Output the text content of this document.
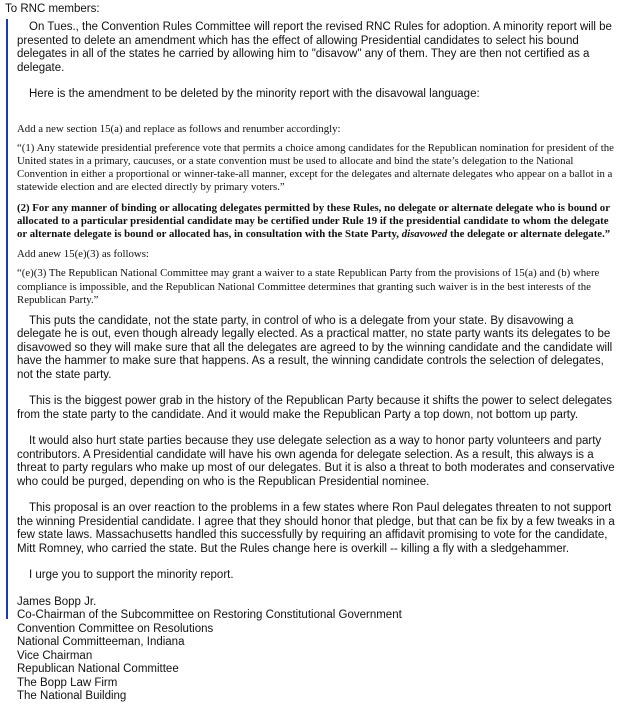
To RNC members:

On Tues., the Convention Rules Committee will report the revised RNC Rules for adoption. A minority report will be presented to delete an amendment which has the effect of allowing Presidential candidates to select his bound delegates in all of the states he carried by allowing him to "disavow" any of them. They are then not certified as a delegate.

Here is the amendment to be deleted by the minority report with the disavowal language:

Add a new section 15(a) and replace as follows and renumber accordingly:

“(1) Any statewide presidential preference vote that permits a choice among candidates for the Republican nomination for president of the United states in a primary, caucuses, or a state convention must be used to allocate and bind the state’s delegation to the National Convention in either a proportional or winner-take-all manner, except for the delegates and alternate delegates who appear on a ballot in a statewide election and are elected directly by primary voters.”

(2) For any manner of binding or allocating delegates permitted by these Rules, no delegate or alternate delegate who is bound or allocated to a particular presidential candidate may be certified under Rule 19 if the presidential candidate to whom the delegate or alternate delegate is bound or allocated has, in consultation with the State Party, disavowed the delegate or alternate delegate.”

Add anew 15(e)(3) as follows:

“(e)(3) The Republican National Committee may grant a waiver to a state Republican Party from the provisions of 15(a) and (b) where compliance is impossible, and the Republican National Committee determines that granting such waiver is in the best interests of the Republican Party.”

This puts the candidate, not the state party, in control of who is a delegate from your state. By disavowing a delegate he is out, even though already legally elected. As a practical matter, no state party wants its delegates to be disavowed so they will make sure that all the delegates are agreed to by the winning candidate and the candidate will have the hammer to make sure that happens. As a result, the winning candidate controls the selection of delegates, not the state party.

This is the biggest power grab in the history of the Republican Party because it shifts the power to select delegates from the state party to the candidate. And it would make the Republican Party a top down, not bottom up party.

It would also hurt state parties because they use delegate selection as a way to honor party volunteers and party contributors. A Presidential candidate will have his own agenda for delegate selection. As a result, this always is a threat to party regulars who make up most of our delegates. But it is also a threat to both moderates and conservative who could be purged, depending on who is the Republican Presidential nominee.

This proposal is an over reaction to the problems in a few states where Ron Paul delegates threaten to not support the winning Presidential candidate. I agree that they should honor that pledge, but that can be fix by a few tweaks in a few state laws. Massachusetts handled this successfully by requiring an affidavit promising to vote for the candidate, Mitt Romney, who carried the state. But the Rules change here is overkill -- killing a fly with a sledgehammer.

I urge you to support the minority report.

James Bopp Jr.

Co-Chairman of the Subcommittee on Restoring Constitutional Government

Convention Committee on Resolutions

National Committeeman, Indiana

Vice Chairman

Republican National Committee

The Bopp Law Firm

The National Building
